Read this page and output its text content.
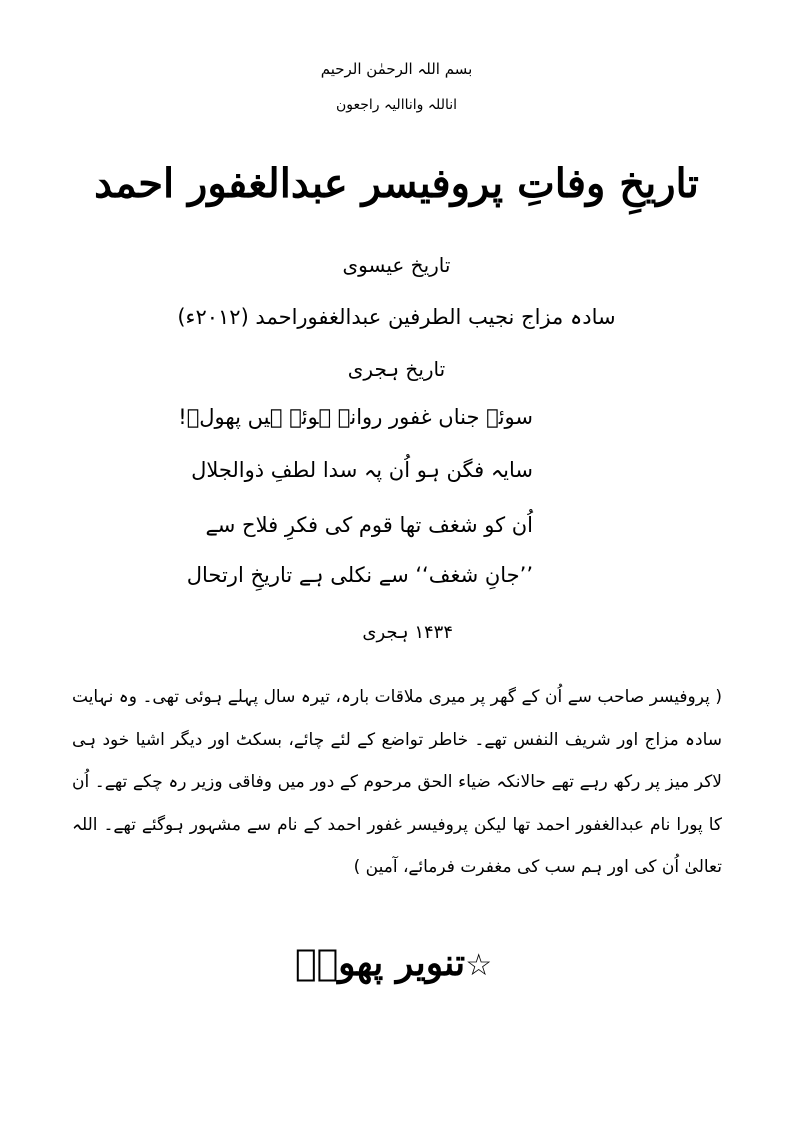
بسم اللہ الرحمٰن الرحیم
اناللہ واناالیہ راجعون
تاریخِ وفاتِ پروفیسر عبدالغفور احمد
تاریخ عیسوی
سادہ مزاج نجیب الطرفین عبدالغفوراحمد (۲۰۱۲ء)
تاریخ ہجری
سوئے جناں غفور روانہ ہوئے ہیں پھولؔ!
سایہ فگن ہو اُن پہ سدا لطفِ ذوالجلال
اُن کو شغف تھا قوم کی فکرِ فلاح سے
’’جانِ شغف‘‘ سے نکلی ہے تاریخِ ارتحال
۱۴۳۴ ہجری
( پروفیسر صاحب سے اُن کے گھر پر میری ملاقات بارہ، تیرہ سال پہلے ہوئی تھی۔ وہ نہایت سادہ مزاج اور شریف النفس تھے۔ خاطر تواضع کے لئے چائے، بسکٹ اور دیگر اشیا خود ہی لاکر میز پر رکھ رہے تھے حالانکہ ضیاء الحق مرحوم کے دور میں وفاقی وزیر رہ چکے تھے۔ اُن کا پورا نام عبدالغفور احمد تھا لیکن پروفیسر غفور احمد کے نام سے مشہور ہوگئے تھے۔ اللہ تعالیٰ اُن کی اور ہم سب کی مغفرت فرمائے، آمین )
☆تنویر پھولؔ
